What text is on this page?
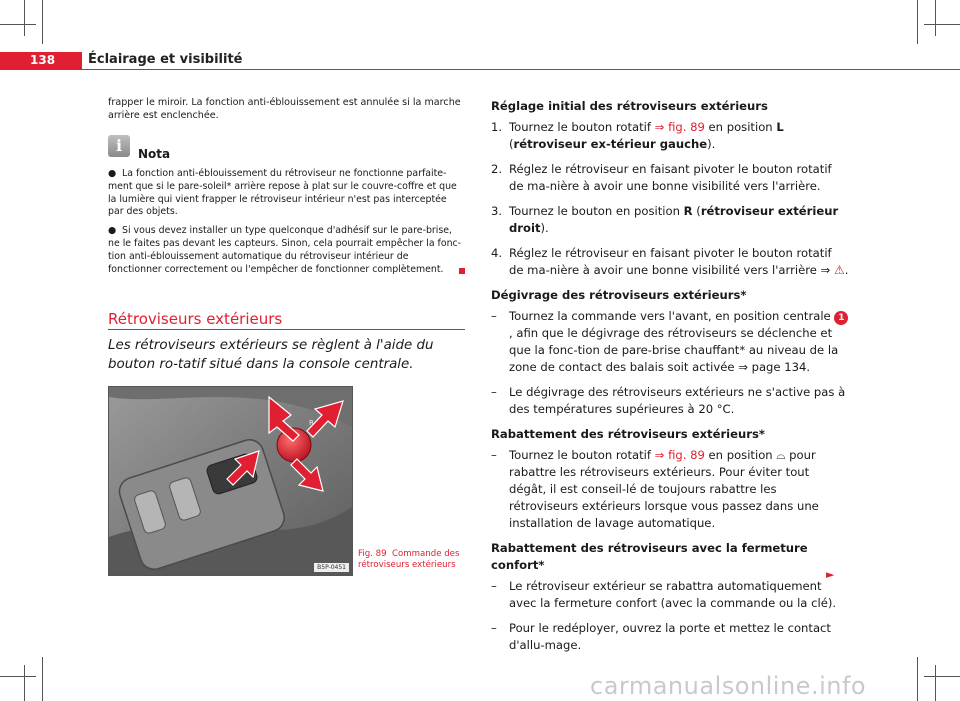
138	Éclairage et visibilité

frapper le miroir. La fonction anti-éblouissement est annulée si la marche arrière est enclenchée.

i	Nota

● La fonction anti-éblouissement du rétroviseur ne fonctionne parfaite-ment que si le pare-soleil* arrière repose à plat sur le couvre-coffre et que la lumière qui vient frapper le rétroviseur intérieur n'est pas interceptée par des objets.

● Si vous devez installer un type quelconque d'adhésif sur le pare-brise, ne le faites pas devant les capteurs. Sinon, cela pourrait empêcher la fonc-tion anti-éblouissement automatique du rétroviseur intérieur de fonctionner correctement ou l'empêcher de fonctionner complètement.

Rétroviseurs extérieurs
Les rétroviseurs extérieurs se règlent à l'aide du bouton ro-tatif situé dans la console centrale.
R
B5P-0451
Fig. 89 Commande des rétroviseurs extérieurs
Réglage initial des rétroviseurs extérieurs
1. Tournez le bouton rotatif ⇒ fig. 89 en position L (rétroviseur ex-térieur gauche).
2. Réglez le rétroviseur en faisant pivoter le bouton rotatif de ma-nière à avoir une bonne visibilité vers l'arrière.
3. Tournez le bouton en position R (rétroviseur extérieur droit).
4. Réglez le rétroviseur en faisant pivoter le bouton rotatif de ma-nière à avoir une bonne visibilité vers l'arrière ⇒ ⚠.
Dégivrage des rétroviseurs extérieurs*
– Tournez la commande vers l'avant, en position centrale 1, afin que le dégivrage des rétroviseurs se déclenche et que la fonc-tion de pare-brise chauffant* au niveau de la zone de contact des balais soit activée ⇒ page 134.
– Le dégivrage des rétroviseurs extérieurs ne s'active pas à des températures supérieures à 20 °C.
Rabattement des rétroviseurs extérieurs*
– Tournez le bouton rotatif ⇒ fig. 89 en position ⌓ pour rabattre les rétroviseurs extérieurs. Pour éviter tout dégât, il est conseil-lé de toujours rabattre les rétroviseurs extérieurs lorsque vous passez dans une installation de lavage automatique.
Rabattement des rétroviseurs avec la fermeture confort*
– Le rétroviseur extérieur se rabattra automatiquement avec la fermeture confort (avec la commande ou la clé).
– Pour le redéployer, ouvrez la porte et mettez le contact d'allu-mage.
►
carmanualsonline.info
